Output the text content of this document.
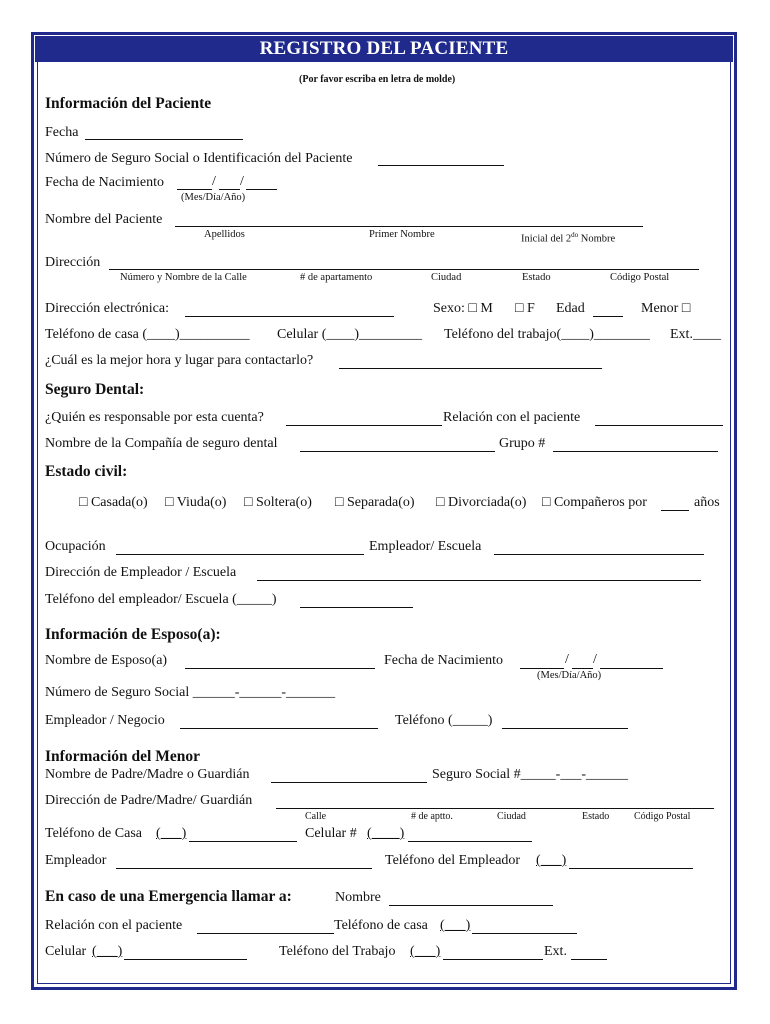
REGISTRO DEL PACIENTE
(Por favor escriba en letra de molde)
Información del Paciente
Fecha
Número de Seguro Social o Identificación del Paciente
Fecha de Nacimiento	/ /
(Mes/Día/Año)
Nombre del Paciente
Apellidos	Primer Nombre	Inicial del $2^{do}$ Nombre
Dirección
Número y Nombre de la Calle	# de apartamento	Ciudad	Estado	Código Postal
Dirección electrónica:	Sexo: □ M □ F Edad	Menor □
Teléfono de casa (____)__________ Celular (____)_________ Teléfono del trabajo(____)________ Ext.____
¿Cuál es la mejor hora y lugar para contactarlo?
Seguro Dental:
¿Quién es responsable por esta cuenta?	Relación con el paciente
Nombre de la Compañía de seguro dental	Grupo #
Estado civil:
□ Casada(o) □ Viuda(o) □ Soltera(o) □ Separada(o) □ Divorciada(o) □ Compañeros por	años
Ocupación	Empleador/ Escuela
Dirección de Empleador / Escuela
Teléfono del empleador/ Escuela (_____)
Información de Esposo(a):
Nombre de Esposo(a)	Fecha de Nacimiento	/ /
(Mes/Día/Año)
Número de Seguro Social ______-______-_______
Empleador / Negocio	Teléfono (_____)
Información del Menor
Nombre de Padre/Madre o Guardián	Seguro Social #_____-___-______
Dirección de Padre/Madre/ Guardián
Calle	# de aptto.	Ciudad	Estado Código Postal
Teléfono de Casa (___)	Celular # (____)
Empleador	Teléfono del Empleador (___)
En caso de una Emergencia llamar a:	Nombre
Relación con el paciente	Teléfono de casa (___)
Celular (___)	Teléfono del Trabajo (___)	Ext.
